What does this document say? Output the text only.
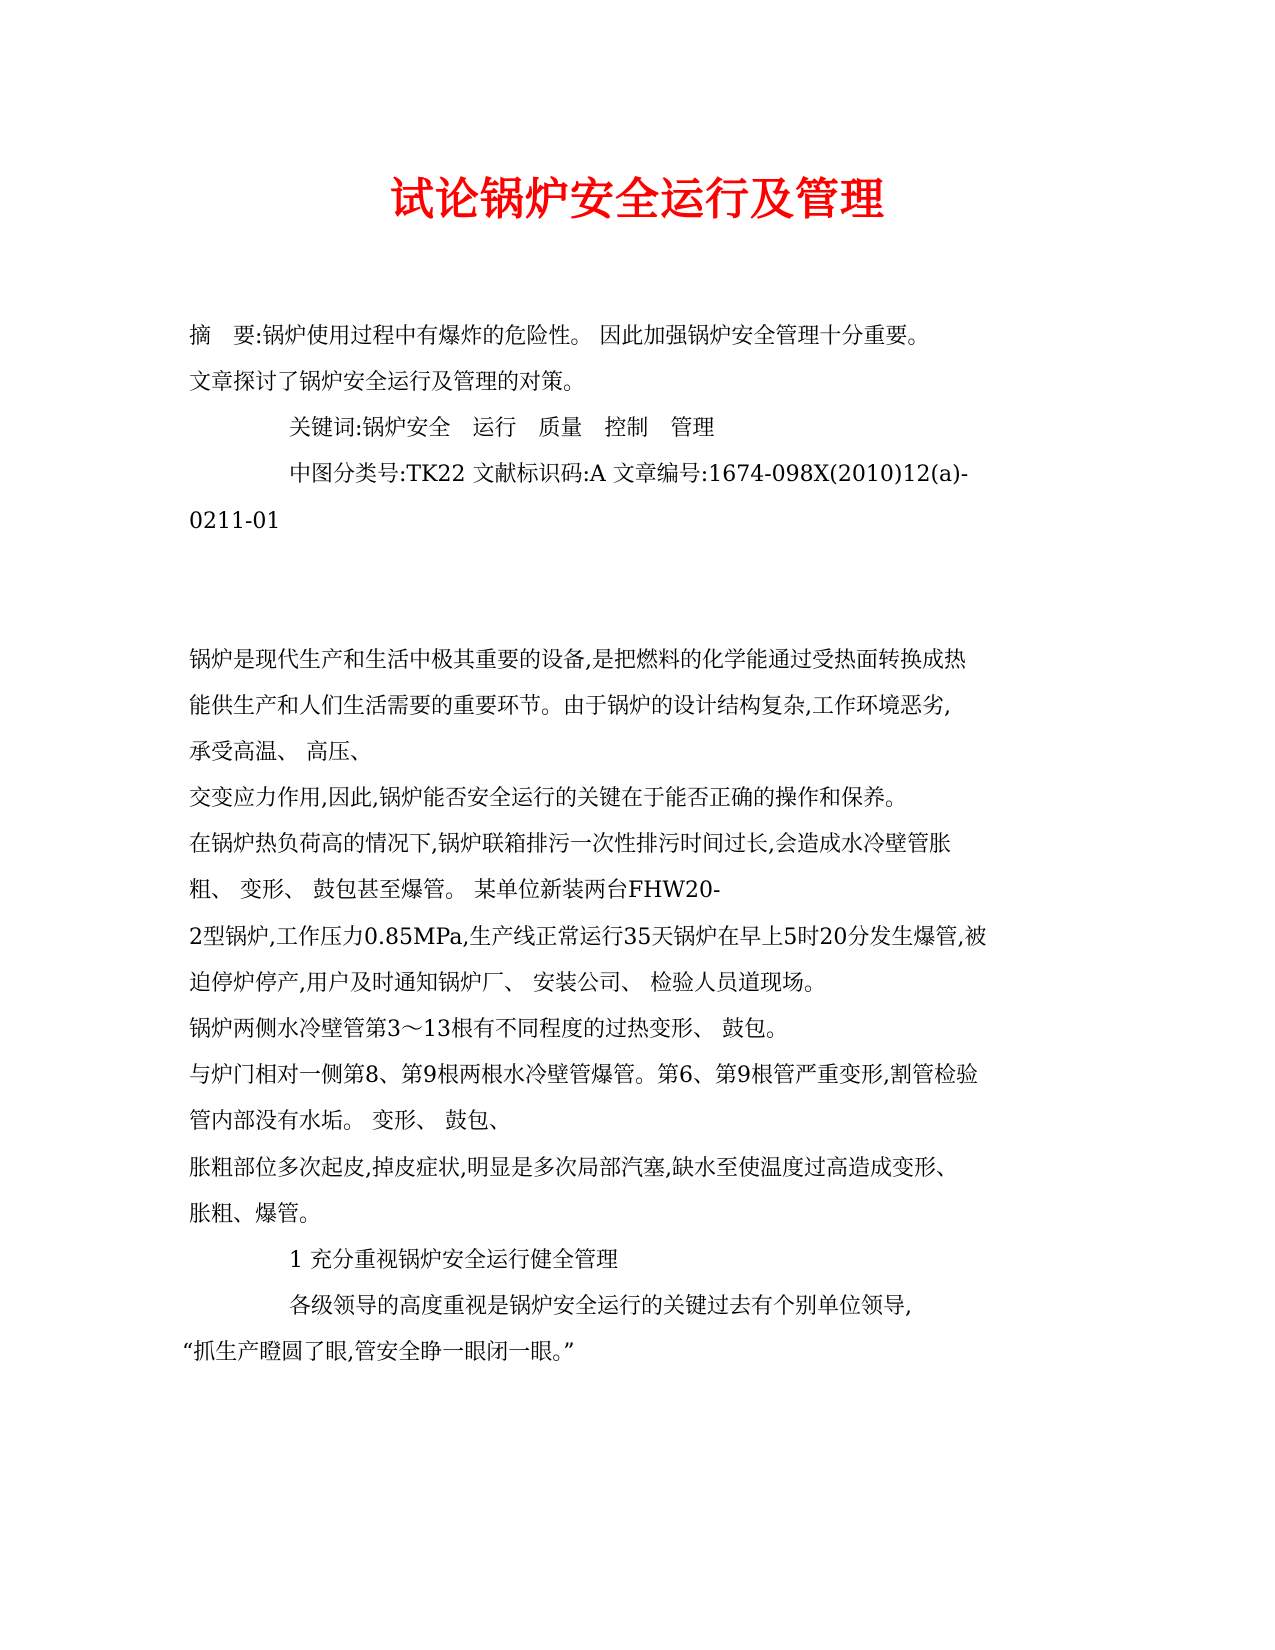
试论锅炉安全运行及管理

摘　要:锅炉使用过程中有爆炸的危险性。 因此加强锅炉安全管理十分重要。

文章探讨了锅炉安全运行及管理的对策。

关键词:锅炉安全　运行　质量　控制　管理

中图分类号:TK22 文献标识码:A 文章编号:1674-098X(2010)12(a)-

0211-01

锅炉是现代生产和生活中极其重要的设备,是把燃料的化学能通过受热面转换成热

能供生产和人们生活需要的重要环节。由于锅炉的设计结构复杂,工作环境恶劣,

承受高温、 高压、

交变应力作用,因此,锅炉能否安全运行的关键在于能否正确的操作和保养。

在锅炉热负荷高的情况下,锅炉联箱排污一次性排污时间过长,会造成水冷壁管胀

粗、 变形、 鼓包甚至爆管。 某单位新装两台FHW20-

2型锅炉,工作压力0.85MPa,生产线正常运行35天锅炉在早上5时20分发生爆管,被

迫停炉停产,用户及时通知锅炉厂、 安装公司、 检验人员道现场。

锅炉两侧水冷壁管第3～13根有不同程度的过热变形、 鼓包。

与炉门相对一侧第8、第9根两根水冷壁管爆管。第6、第9根管严重变形,割管检验

管内部没有水垢。 变形、 鼓包、

胀粗部位多次起皮,掉皮症状,明显是多次局部汽塞,缺水至使温度过高造成变形、

胀粗、爆管。

1 充分重视锅炉安全运行健全管理

各级领导的高度重视是锅炉安全运行的关键过去有个别单位领导,

“抓生产瞪圆了眼,管安全睁一眼闭一眼。”
